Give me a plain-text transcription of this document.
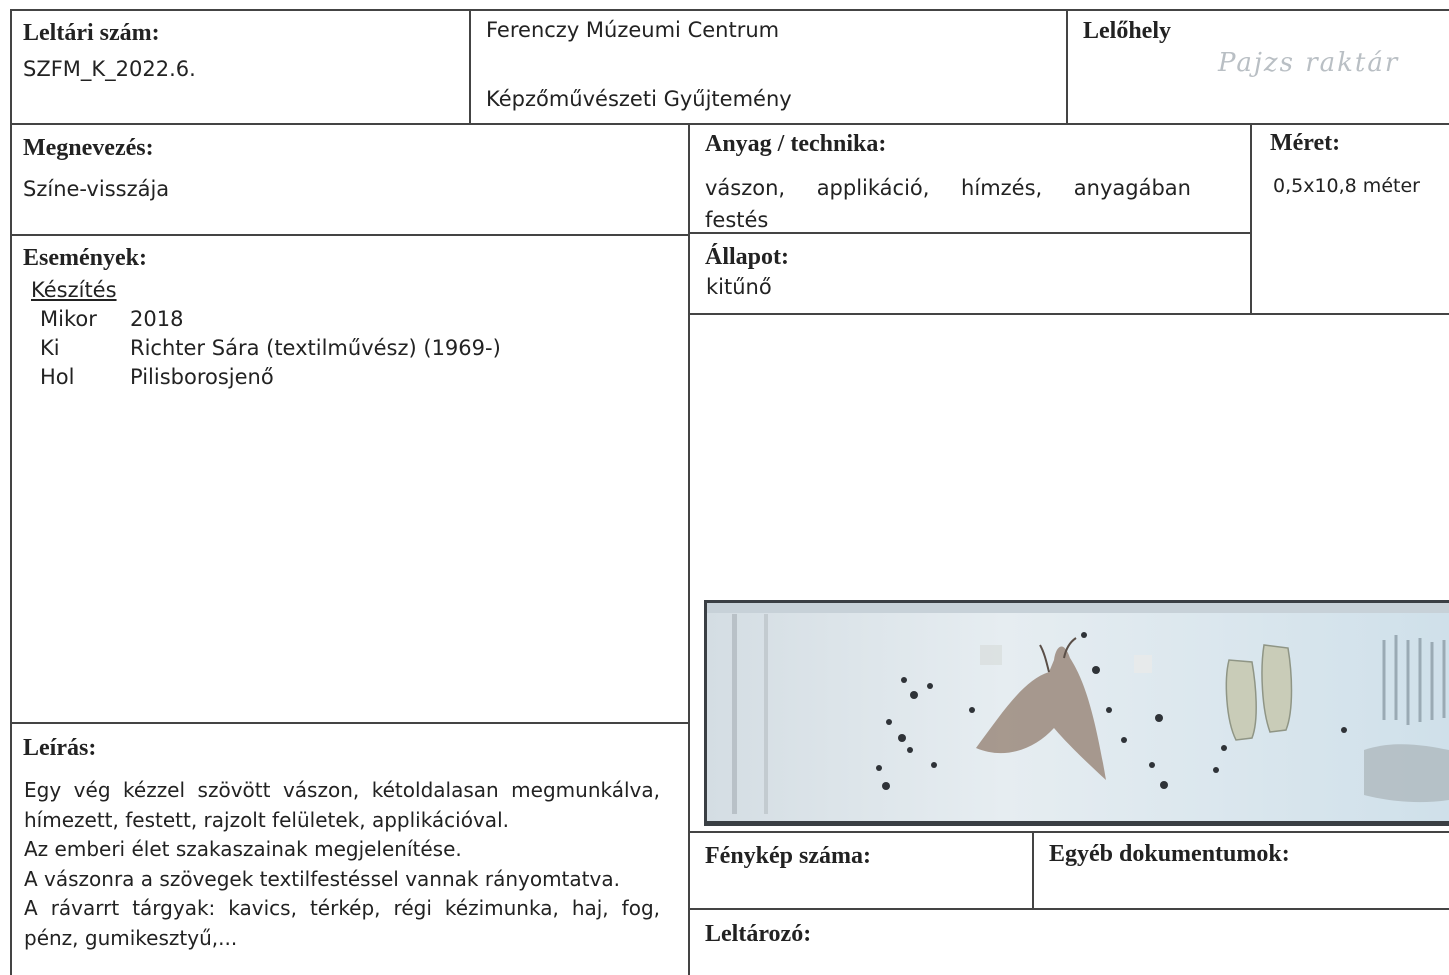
Leltári szám:
SZFM_K_2022.6.
Ferenczy Múzeumi Centrum
Képzőművészeti Gyűjtemény
Lelőhely
Pajzs raktár
Megnevezés:
Színe-visszája
Anyag / technika:
vászon, applikáció, hímzés, anyagában
festés
Méret:
0,5x10,8 méter
Állapot:
kitűnő
Események:
Készítés
Mikor 2018
Ki	Richter Sára (textilművész) (1969-)
Hol	Pilisborosjenő
Leírás:
Egy vég kézzel szövött vászon, kétoldalasan megmunkálva,
hímezett, festett, rajzolt felületek, applikációval.
Az emberi élet szakaszainak megjelenítése.
A vászonra a szövegek textilfestéssel vannak rányomtatva.
A rávarrt tárgyak: kavics, térkép, régi kézimunka, haj, fog,
pénz, gumikesztyű,...
Fénykép száma:	Egyéb dokumentumok:
Leltározó:
